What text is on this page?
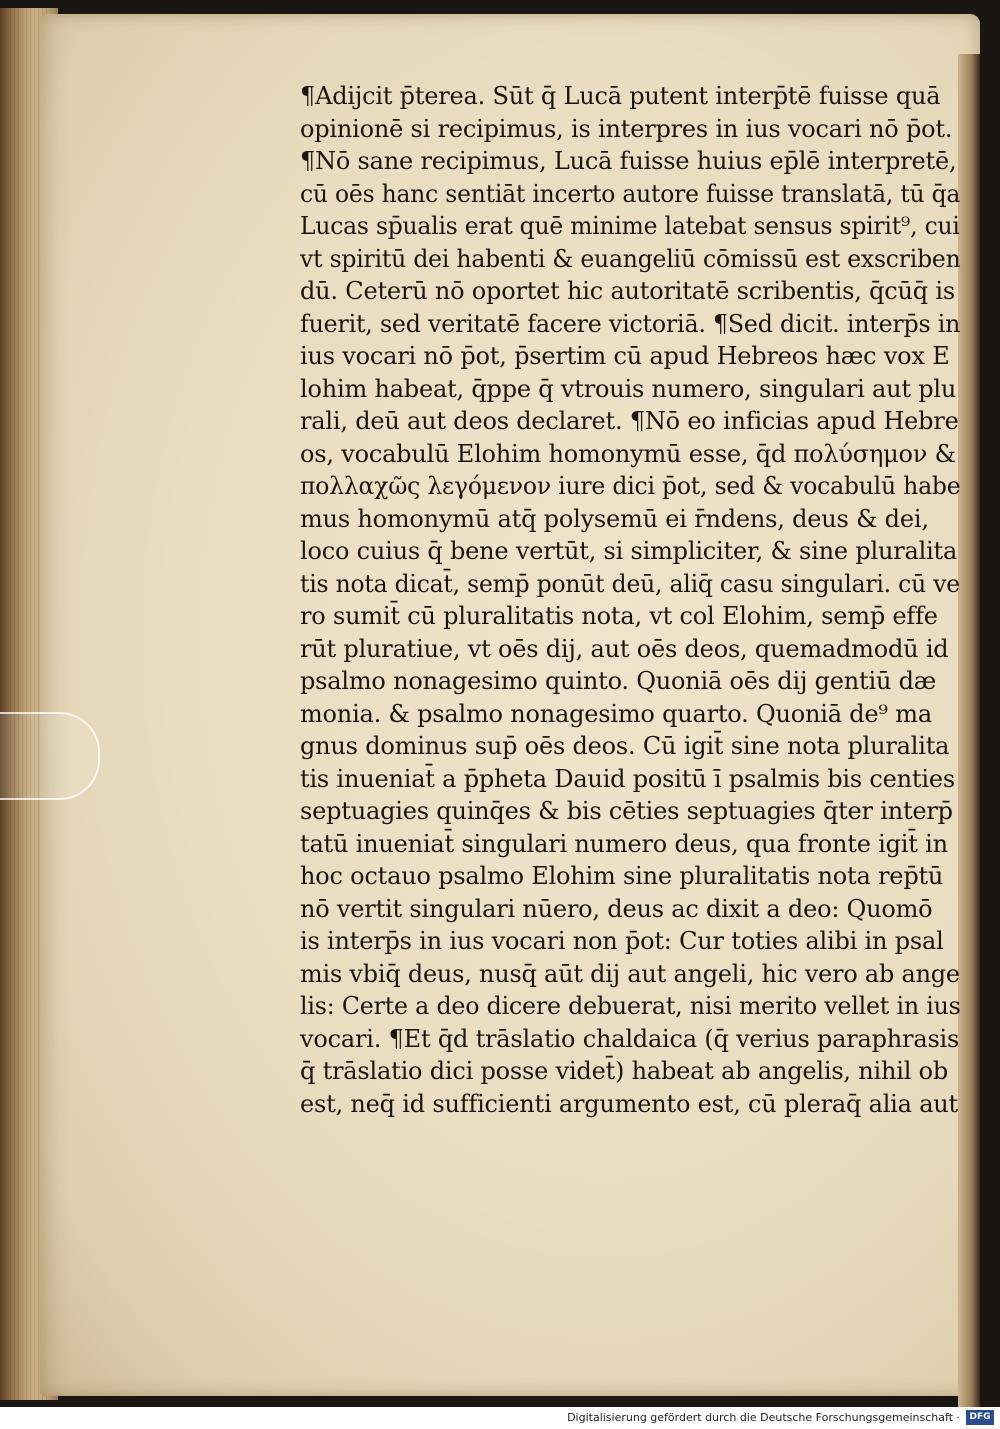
¶Adijcit p̄terea. Sūt q̄ Lucā putent interp̄tē fuisse quā
opinionē si recipimus, is interpres in ius vocari nō p̄ot.
¶Nō sane recipimus, Lucā fuisse huius ep̄lē interpretē,
cū oēs hanc sentiāt incerto autore fuisse translatā, tū q̄a
Lucas sp̄ualis erat quē minime latebat sensus spirit⁹, cui
vt spiritū dei habenti & euangeliū cōmissū est exscriben
dū. Ceterū nō oportet hic autoritatē scribentis, q̄cūq̄ is
fuerit, sed veritatē facere victoriā. ¶Sed dicit. interp̄s in
ius vocari nō p̄ot, p̄sertim cū apud Hebreos hæc vox E
lohim habeat, q̄ppe q̄ vtrouis numero, singulari aut plu
rali, deū aut deos declaret. ¶Nō eo inficias apud Hebre
os, vocabulū Elohim homonymū esse, q̄d πολύσημον &
πολλαχῶς λεγόμενον iure dici p̄ot, sed & vocabulū habe
mus homonymū atq̄ polysemū ei r̄ndens, deus & dei,
loco cuius q̄ bene vertūt, si simpliciter, & sine pluralita
tis nota dicat̄, semp̄ ponūt deū, aliq̄ casu singulari. cū ve
ro sumit̄ cū pluralitatis nota, vt col Elohim, semp̄ effe
rūt pluratiue, vt oēs dij, aut oēs deos, quemadmodū id
psalmo nonagesimo quinto. Quoniā oēs dij gentiū dæ
monia. & psalmo nonagesimo quarto. Quoniā de⁹ ma
gnus dominus sup̄ oēs deos. Cū igit̄ sine nota pluralita
tis inueniat̄ a p̄pheta Dauid positū ī psalmis bis centies
septuagies quinq̄es & bis cēties septuagies q̄ter interp̄
tatū inueniat̄ singulari numero deus, qua fronte igit̄ in
hoc octauo psalmo Elohim sine pluralitatis nota rep̄tū
nō vertit singulari nūero, deus ac dixit a deo: Quomō
is interp̄s in ius vocari non p̄ot: Cur toties alibi in psal
mis vbiq̄ deus, nusq̄ aūt dij aut angeli, hic vero ab ange
lis: Certe a deo dicere debuerat, nisi merito vellet in ius
vocari. ¶Et q̄d trāslatio chaldaica (q̄ verius paraphrasis
q̄ trāslatio dici posse videt̄) habeat ab angelis, nihil ob
est, neq̄ id sufficienti argumento est, cū pleraq̄ alia aut
Digitalisierung gefördert durch die Deutsche Forschungsgemeinschaft ·	DFG
